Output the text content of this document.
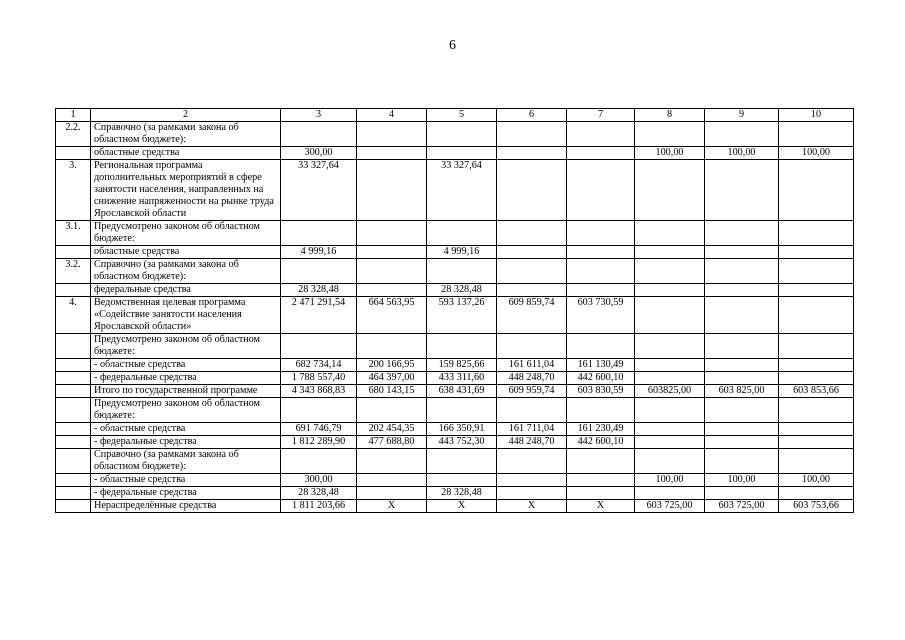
6
1	2	3	4	5	6	7	8	9	10
2.2.	Справочно (за рамками закона об областном бюджете):								
	областные средства	300,00					100,00	100,00	100,00
3.	Региональная программа дополнительных мероприятий в сфере занятости населения, направленных на снижение напряженности на рынке труда Ярославской области	33 327,64		33 327,64					
3.1.	Предусмотрено законом об областном бюджете:								
	областные средства	4 999,16		4 999,16					
3.2.	Справочно (за рамками закона об областном бюджете):								
	федеральные средства	28 328,48		28 328,48					
4.	Ведомственная целевая программа «Содействие занятости населения Ярославской области»	2 471 291,54	664 563,95	593 137,26	609 859,74	603 730,59			
	Предусмотрено законом об областном бюджете:								
	- областные средства	682 734,14	200 166,95	159 825,66	161 611,04	161 130,49			
	- федеральные средства	1 788 557,40	464 397,00	433 311,60	448 248,70	442 600,10			
	Итого по государственной программе	4 343 868,83	680 143,15	638 431,69	609 959,74	603 830,59	603825,00	603 825,00	603 853,66
	Предусмотрено законом об областном бюджете:								
	- областные средства	691 746,79	202 454,35	166 350,91	161 711,04	161 230,49			
	- федеральные средства	1 812 289,90	477 688,80	443 752,30	448 248,70	442 600,10			
	Справочно (за рамками закона об областном бюджете):								
	- областные средства	300,00					100,00	100,00	100,00
	- федеральные средства	28 328,48		28 328,48					
	Нераспределённые средства	1 811 203,66	X	X	X	X	603 725,00	603 725,00	603 753,66
